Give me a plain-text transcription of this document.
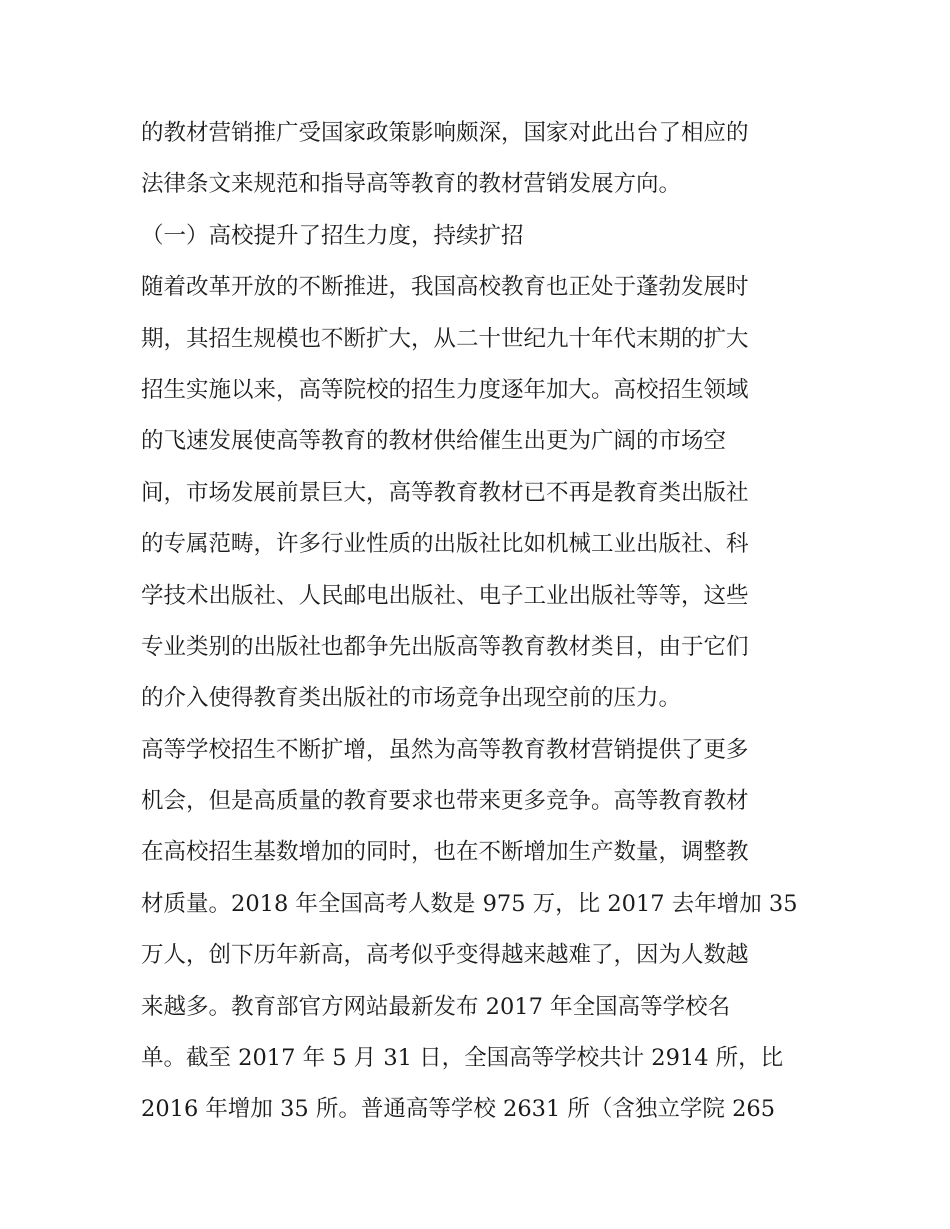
的教材营销推广受国家政策影响颇深，国家对此出台了相应的
法律条文来规范和指导高等教育的教材营销发展方向。
（一）高校提升了招生力度，持续扩招
随着改革开放的不断推进，我国高校教育也正处于蓬勃发展时
期，其招生规模也不断扩大，从二十世纪九十年代末期的扩大
招生实施以来，高等院校的招生力度逐年加大。高校招生领域
的飞速发展使高等教育的教材供给催生出更为广阔的市场空
间，市场发展前景巨大，高等教育教材已不再是教育类出版社
的专属范畴，许多行业性质的出版社比如机械工业出版社、科
学技术出版社、人民邮电出版社、电子工业出版社等等，这些
专业类别的出版社也都争先出版高等教育教材类目，由于它们
的介入使得教育类出版社的市场竞争出现空前的压力。
高等学校招生不断扩增，虽然为高等教育教材营销提供了更多
机会，但是高质量的教育要求也带来更多竞争。高等教育教材
在高校招生基数增加的同时，也在不断增加生产数量，调整教
材质量。2018 年全国高考人数是 975 万，比 2017 去年增加 35
万人，创下历年新高，高考似乎变得越来越难了，因为人数越
来越多。教育部官方网站最新发布 2017 年全国高等学校名
单。截至 2017 年 5 月 31 日，全国高等学校共计 2914 所，比
2016 年增加 35 所。普通高等学校 2631 所（含独立学院 265
